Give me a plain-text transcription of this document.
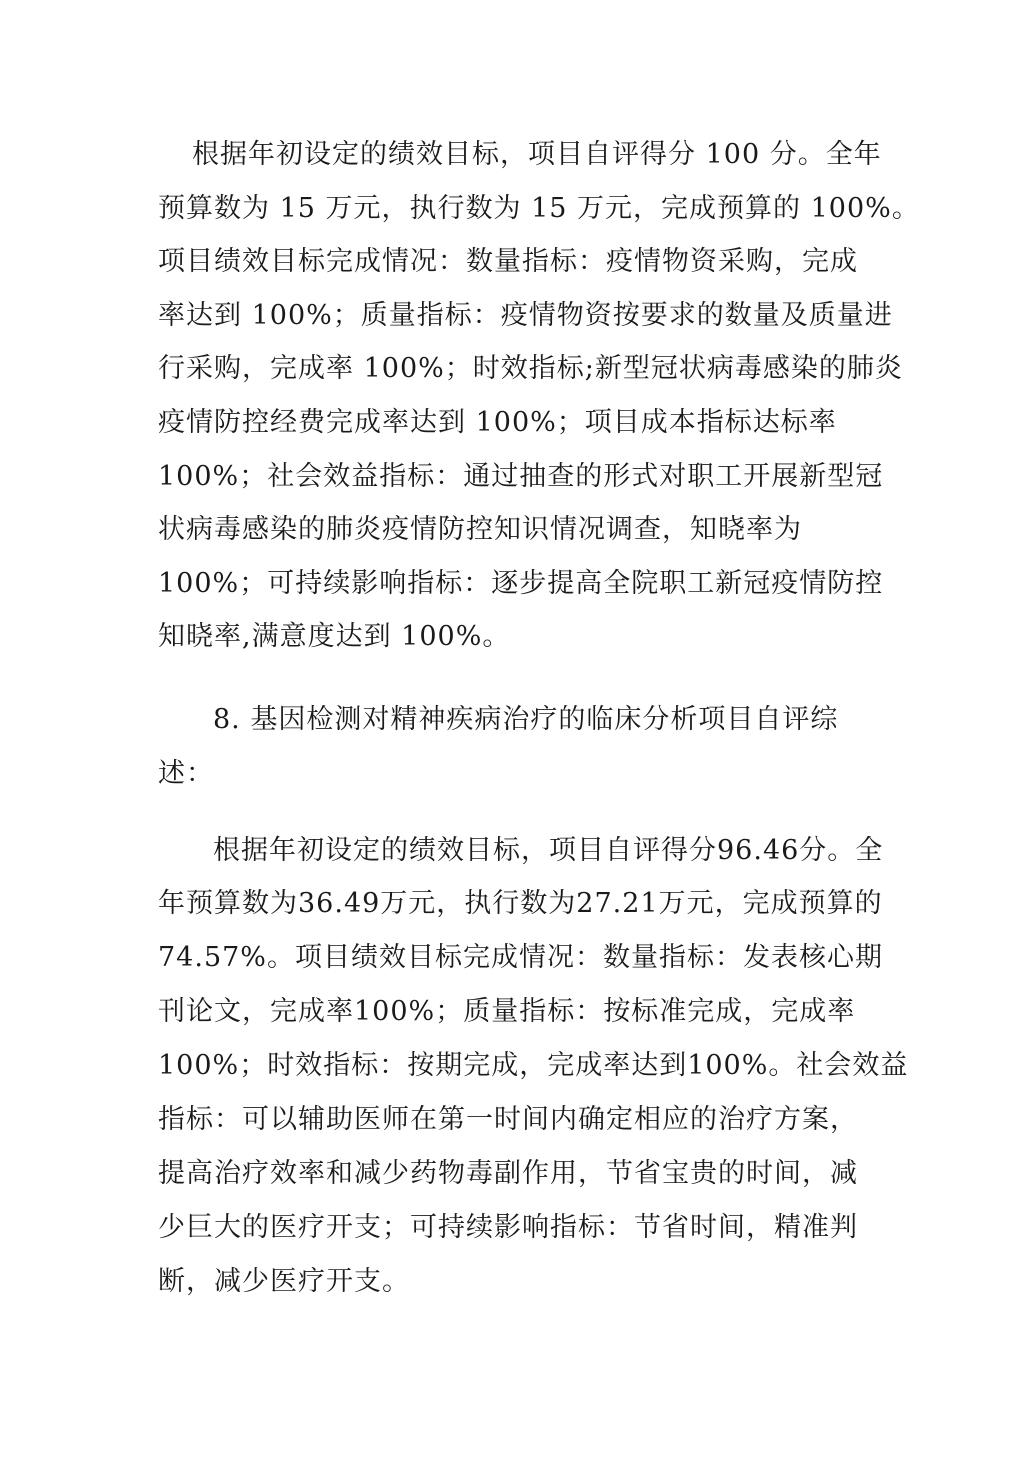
根据年初设定的绩效目标，项目自评得分 100 分。全年
预算数为 15 万元，执行数为 15 万元，完成预算的 100%。
项目绩效目标完成情况：数量指标：疫情物资采购，完成
率达到 100%；质量指标：疫情物资按要求的数量及质量进
行采购，完成率 100%；时效指标;新型冠状病毒感染的肺炎
疫情防控经费完成率达到 100%；项目成本指标达标率
100%；社会效益指标：通过抽查的形式对职工开展新型冠
状病毒感染的肺炎疫情防控知识情况调查，知晓率为
100%；可持续影响指标：逐步提高全院职工新冠疫情防控
知晓率,满意度达到 100%。
8. 基因检测对精神疾病治疗的临床分析项目自评综
述：
根据年初设定的绩效目标，项目自评得分96.46分。全
年预算数为36.49万元，执行数为27.21万元，完成预算的
74.57%。项目绩效目标完成情况：数量指标：发表核心期
刊论文，完成率100%；质量指标：按标准完成，完成率
100%；时效指标：按期完成，完成率达到100%。社会效益
指标：可以辅助医师在第一时间内确定相应的治疗方案，
提高治疗效率和减少药物毒副作用，节省宝贵的时间，减
少巨大的医疗开支；可持续影响指标：节省时间，精准判
断，减少医疗开支。
